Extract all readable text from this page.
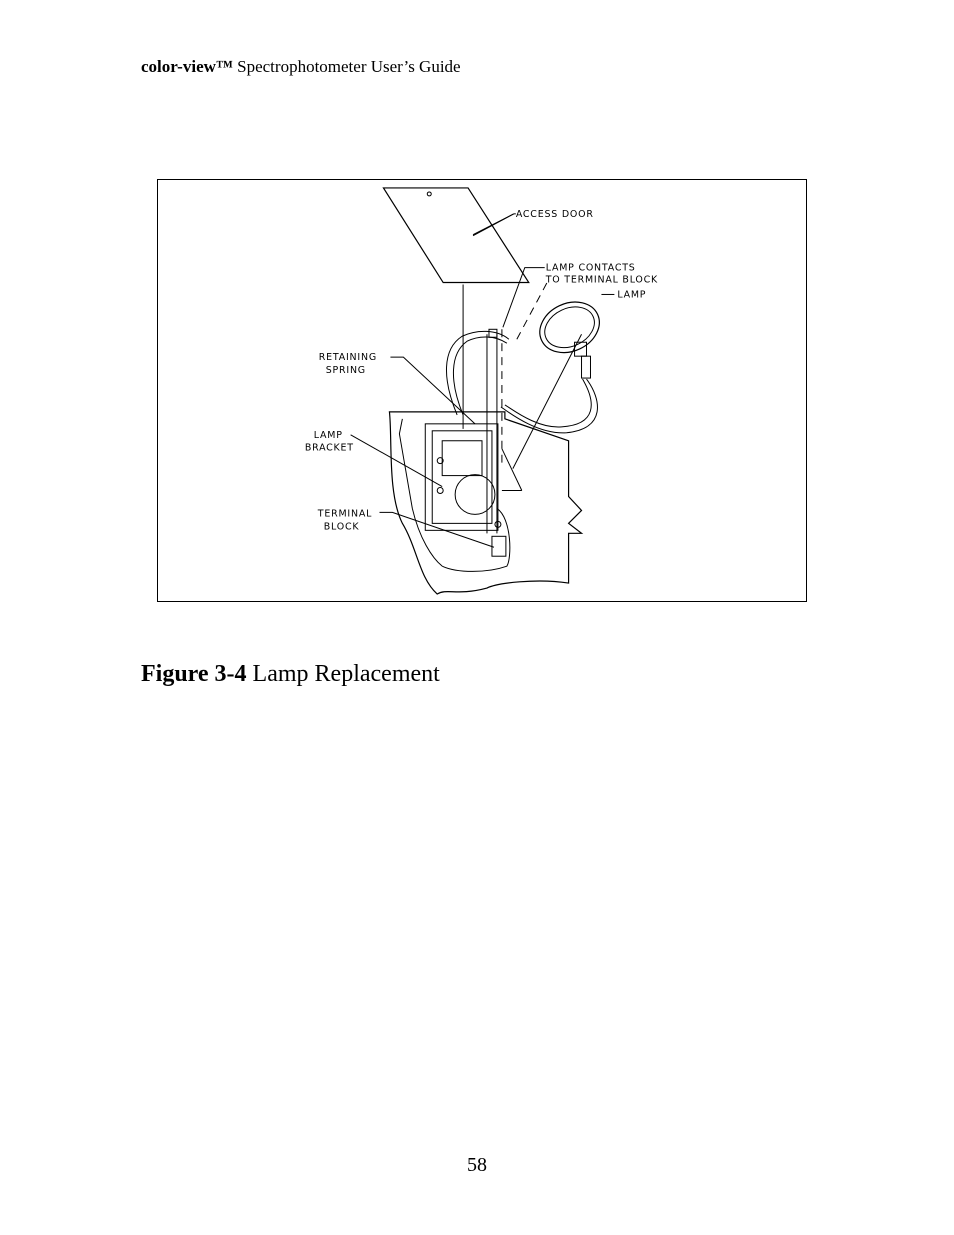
color-view™ Spectrophotometer User’s Guide
ACCESS DOOR
LAMP CONTACTS
TO TERMINAL BLOCK
LAMP
RETAINING
SPRING
LAMP
BRACKET
TERMINAL
BLOCK
Figure 3-4 Lamp Replacement
58
